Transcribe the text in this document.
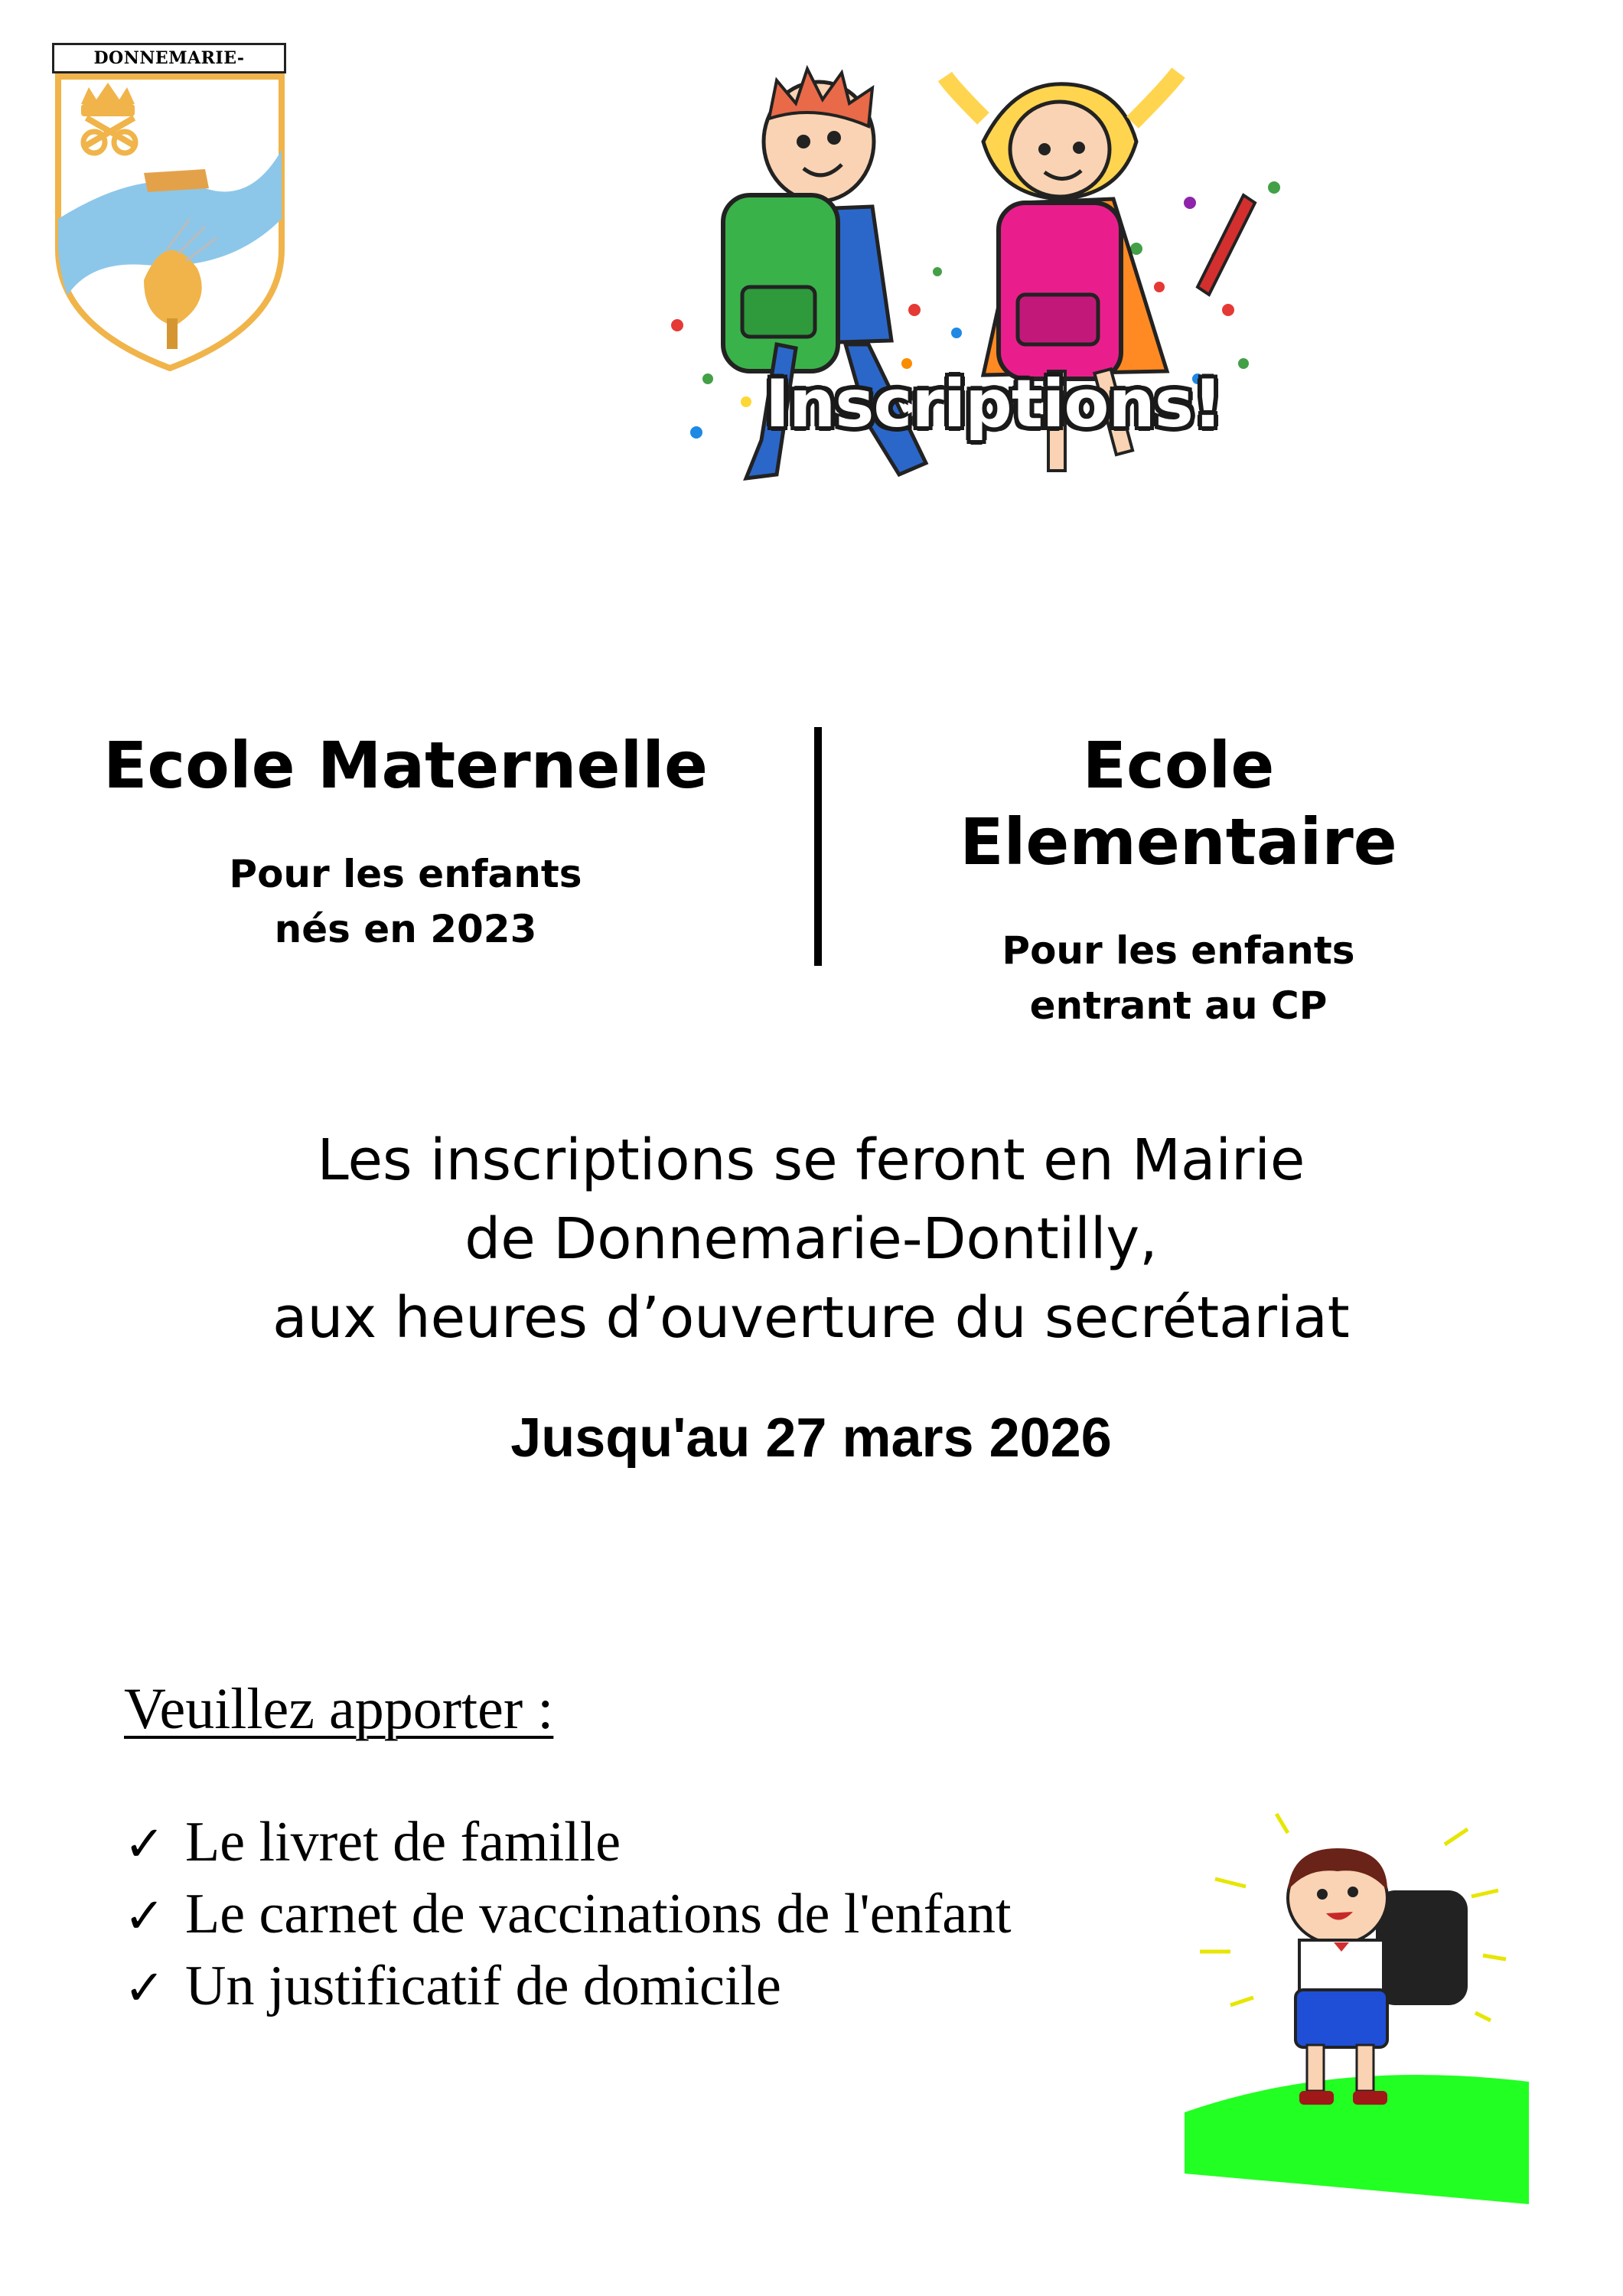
DONNEMARIE-
Inscriptions!
Ecole Maternelle
Pour les enfants
nés en 2023
Ecole Elementaire
Pour les enfants
entrant au CP
Les inscriptions se feront en Mairie
de Donnemarie-Dontilly,
aux heures d’ouverture du secrétariat
Jusqu'au 27 mars 2026
Veuillez apporter :
✓ Le livret de famille
✓ Le carnet de vaccinations de l'enfant
✓ Un justificatif de domicile
